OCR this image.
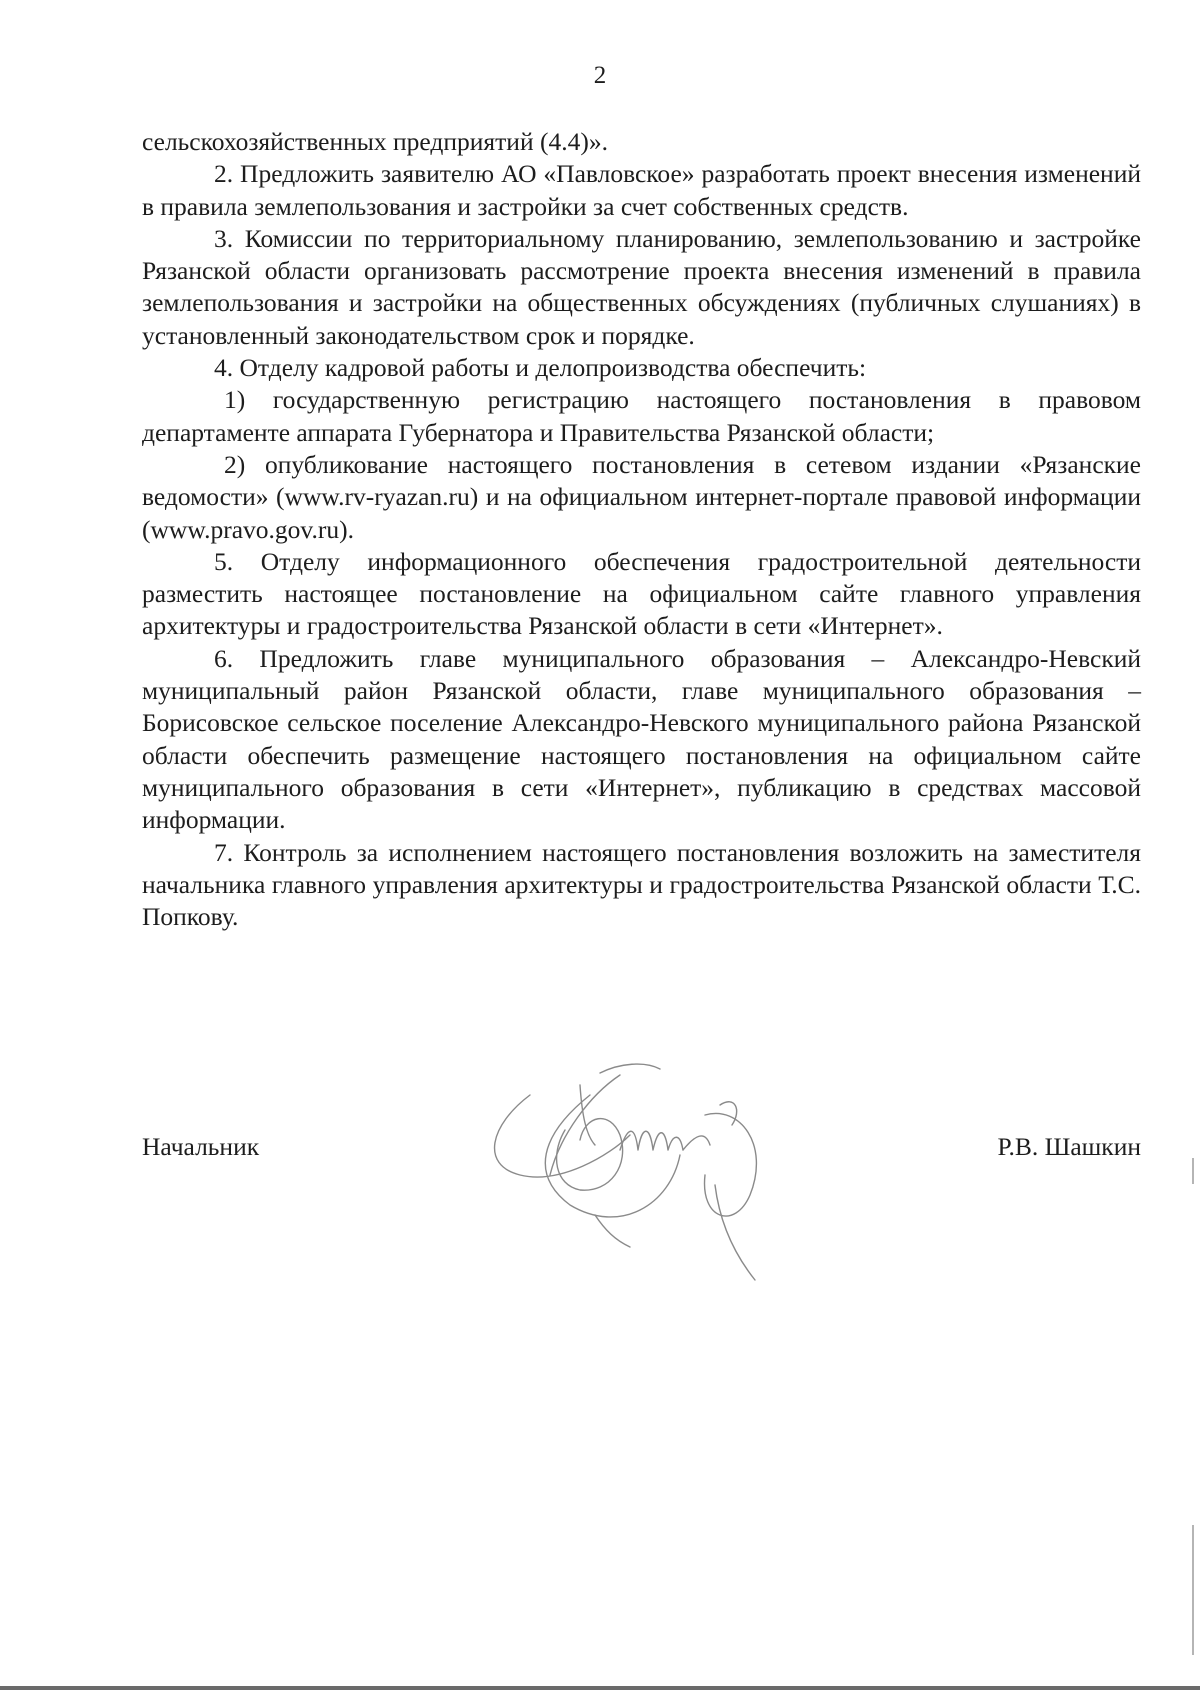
2

сельскохозяйственных предприятий (4.4)».

2. Предложить заявителю АО «Павловское» разработать проект внесения изменений в правила землепользования и застройки за счет собственных средств.

3. Комиссии по территориальному планированию, землепользованию и застройке Рязанской области организовать рассмотрение проекта внесения изменений в правила землепользования и застройки на общественных обсуждениях (публичных слушаниях) в установленный законодательством срок и порядке.

4. Отделу кадровой работы и делопроизводства обеспечить:

1) государственную регистрацию настоящего постановления в правовом департаменте аппарата Губернатора и Правительства Рязанской области;

2) опубликование настоящего постановления в сетевом издании «Рязанские ведомости» (www.rv-ryazan.ru) и на официальном интернет-портале правовой информации (www.pravo.gov.ru).

5. Отделу информационного обеспечения градостроительной деятельности разместить настоящее постановление на официальном сайте главного управления архитектуры и градостроительства Рязанской области в сети «Интернет».

6. Предложить главе муниципального образования – Александро-Невский муниципальный район Рязанской области, главе муниципального образования – Борисовское сельское поселение Александро-Невского муниципального района Рязанской области обеспечить размещение настоящего постановления на официальном сайте муниципального образования в сети «Интернет», публикацию в средствах массовой информации.

7. Контроль за исполнением настоящего постановления возложить на заместителя начальника главного управления архитектуры и градостроительства Рязанской области Т.С. Попкову.

Начальник	Р.В. Шашкин
